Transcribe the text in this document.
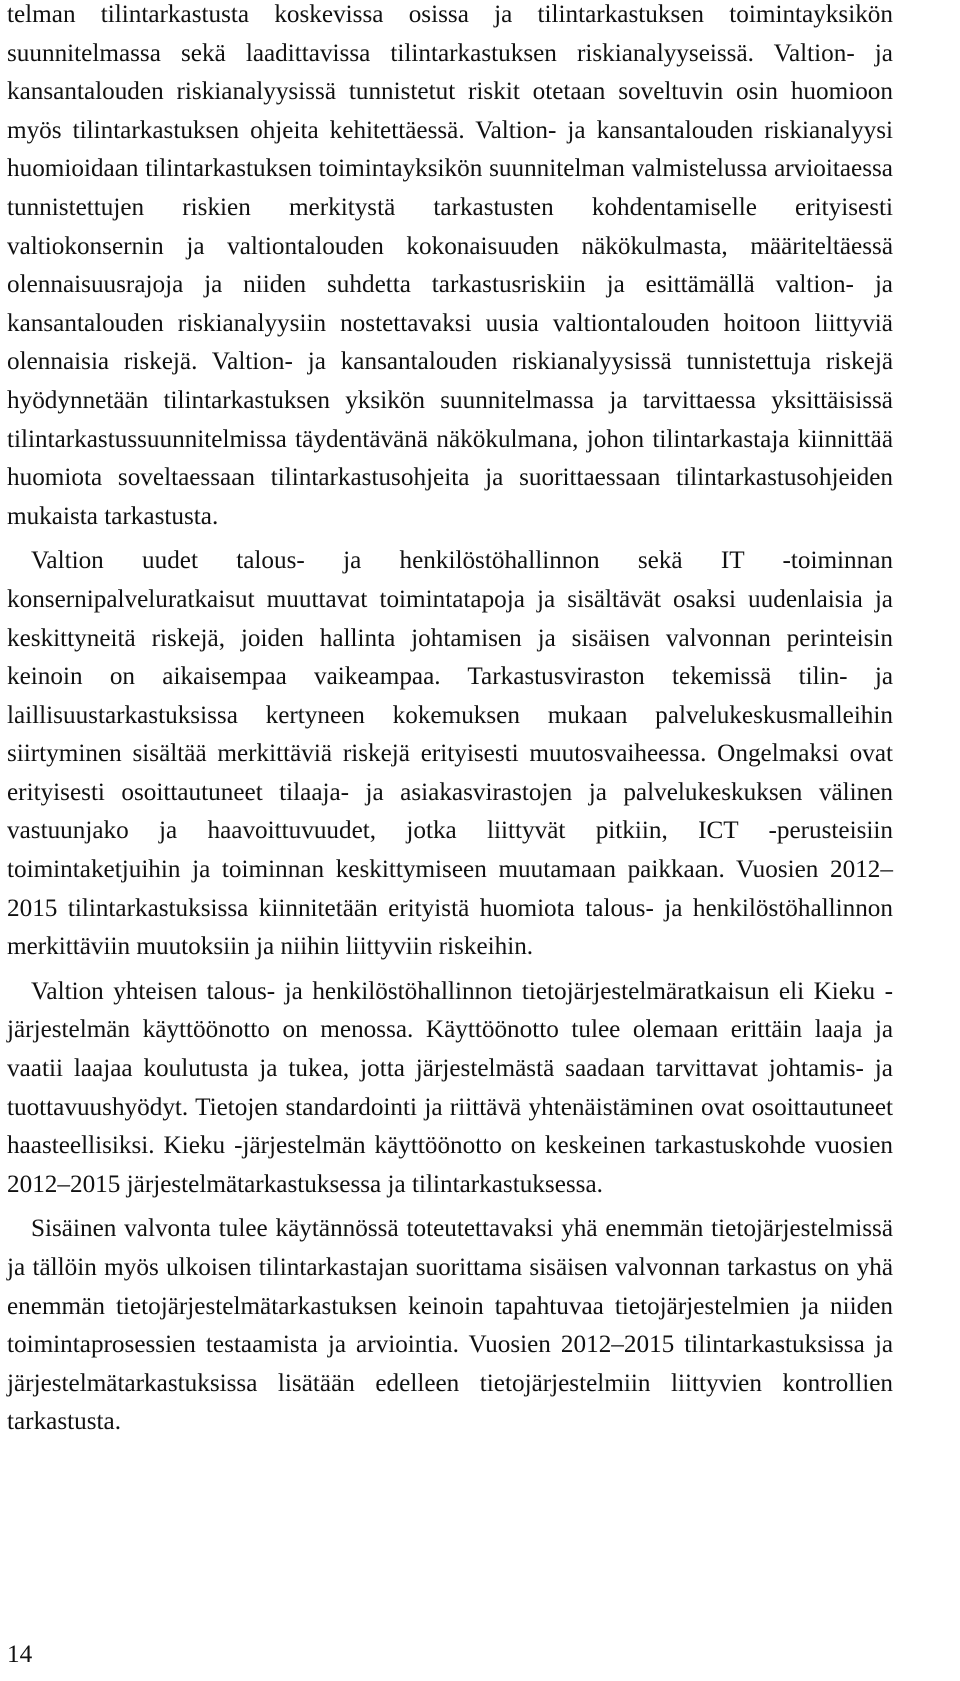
telman tilintarkastusta koskevissa osissa ja tilintarkastuksen toimintayksikön suunnitelmassa sekä laadittavissa tilintarkastuksen riskianalyyseissä. Valtion- ja kansantalouden riskianalyysissä tunnistetut riskit otetaan soveltuvin osin huomioon myös tilintarkastuksen ohjeita kehitettäessä. Valtion- ja kansantalouden riskianalyysi huomioidaan tilintarkastuksen toimintayksikön suunnitelman valmistelussa arvioitaessa tunnistettujen riskien merkitystä tarkastusten kohdentamiselle erityisesti valtiokonsernin ja valtiontalouden kokonaisuuden näkökulmasta, määriteltäessä olennaisuusrajoja ja niiden suhdetta tarkastusriskiin ja esittämällä valtion- ja kansantalouden riskianalyysiin nostettavaksi uusia valtiontalouden hoitoon liittyviä olennaisia riskejä. Valtion- ja kansantalouden riskianalyysissä tunnistettuja riskejä hyödynnetään tilintarkastuksen yksikön suunnitelmassa ja tarvittaessa yksittäisissä tilintarkastussuunnitelmissa täydentävänä näkökulmana, johon tilintarkastaja kiinnittää huomiota soveltaessaan tilintarkastusohjeita ja suorittaessaan tilintarkastusohjeiden mukaista tarkastusta.

Valtion uudet talous- ja henkilöstöhallinnon sekä IT -toiminnan konsernipalveluratkaisut muuttavat toimintatapoja ja sisältävät osaksi uudenlaisia ja keskittyneitä riskejä, joiden hallinta johtamisen ja sisäisen valvonnan perinteisin keinoin on aikaisempaa vaikeampaa. Tarkastusviraston tekemissä tilin- ja laillisuustarkastuksissa kertyneen kokemuksen mukaan palvelukeskusmalleihin siirtyminen sisältää merkittäviä riskejä erityisesti muutosvaiheessa. Ongelmaksi ovat erityisesti osoittautuneet tilaaja- ja asiakasvirastojen ja palvelukeskuksen välinen vastuunjako ja haavoittuvuudet, jotka liittyvät pitkiin, ICT -perusteisiin toimintaketjuihin ja toiminnan keskittymiseen muutamaan paikkaan. Vuosien 2012–2015 tilintarkastuksissa kiinnitetään erityistä huomiota talous- ja henkilöstöhallinnon merkittäviin muutoksiin ja niihin liittyviin riskeihin.

Valtion yhteisen talous- ja henkilöstöhallinnon tietojärjestelmäratkaisun eli Kieku -järjestelmän käyttöönotto on menossa. Käyttöönotto tulee olemaan erittäin laaja ja vaatii laajaa koulutusta ja tukea, jotta järjestelmästä saadaan tarvittavat johtamis- ja tuottavuushyödyt. Tietojen standardointi ja riittävä yhtenäistäminen ovat osoittautuneet haasteellisiksi. Kieku -järjestelmän käyttöönotto on keskeinen tarkastuskohde vuosien 2012–2015 järjestelmätarkastuksessa ja tilintarkastuksessa.

Sisäinen valvonta tulee käytännössä toteutettavaksi yhä enemmän tietojärjestelmissä ja tällöin myös ulkoisen tilintarkastajan suorittama sisäisen valvonnan tarkastus on yhä enemmän tietojärjestelmätarkastuksen keinoin tapahtuvaa tietojärjestelmien ja niiden toimintaprosessien testaamista ja arviointia. Vuosien 2012–2015 tilintarkastuksissa ja järjestelmätarkastuksissa lisätään edelleen tietojärjestelmiin liittyvien kontrollien tarkastusta.

14
